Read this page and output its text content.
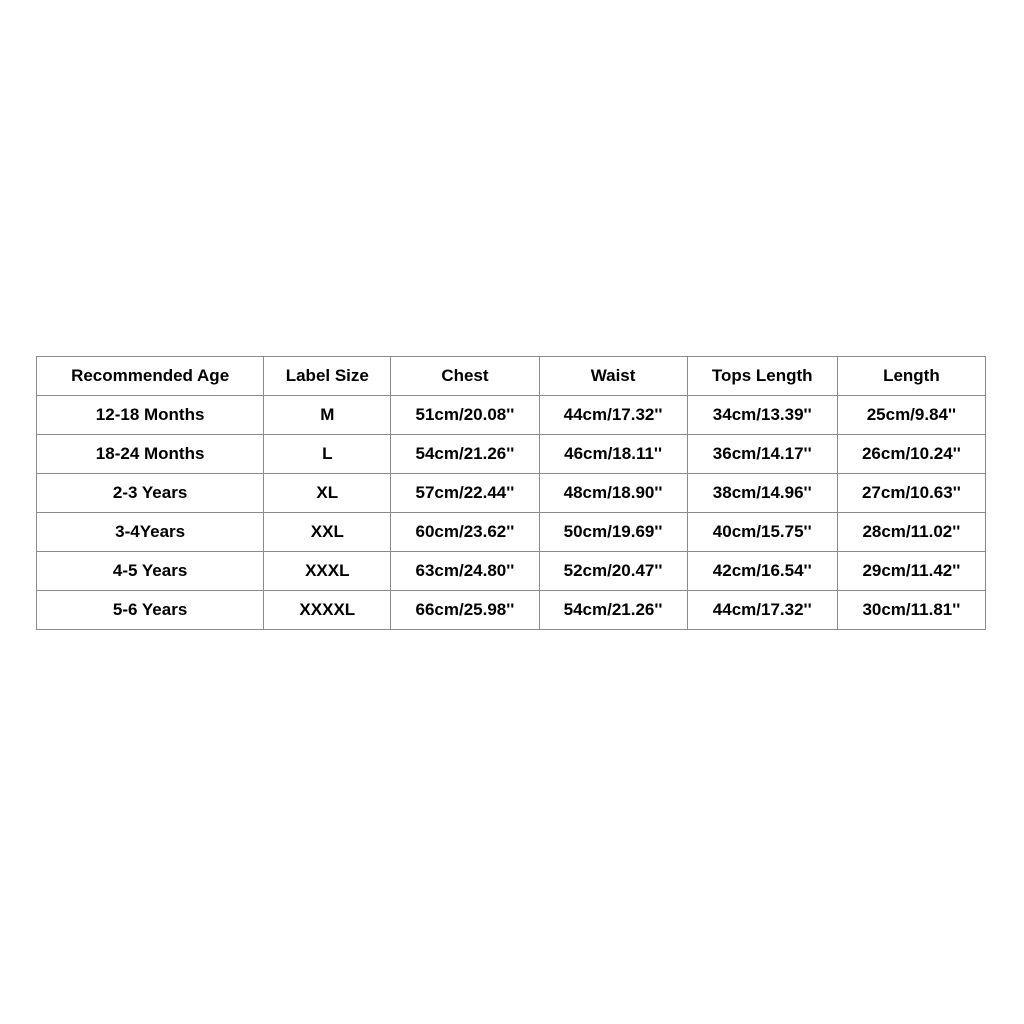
Recommended Age	Label Size	Chest	Waist	Tops Length	Length
12-18 Months	M	51cm/20.08''	44cm/17.32''	34cm/13.39''	25cm/9.84''
18-24 Months	L	54cm/21.26''	46cm/18.11''	36cm/14.17''	26cm/10.24''
2-3 Years	XL	57cm/22.44''	48cm/18.90''	38cm/14.96''	27cm/10.63''
3-4Years	XXL	60cm/23.62''	50cm/19.69''	40cm/15.75''	28cm/11.02''
4-5 Years	XXXL	63cm/24.80''	52cm/20.47''	42cm/16.54''	29cm/11.42''
5-6 Years	XXXXL	66cm/25.98''	54cm/21.26''	44cm/17.32''	30cm/11.81''
